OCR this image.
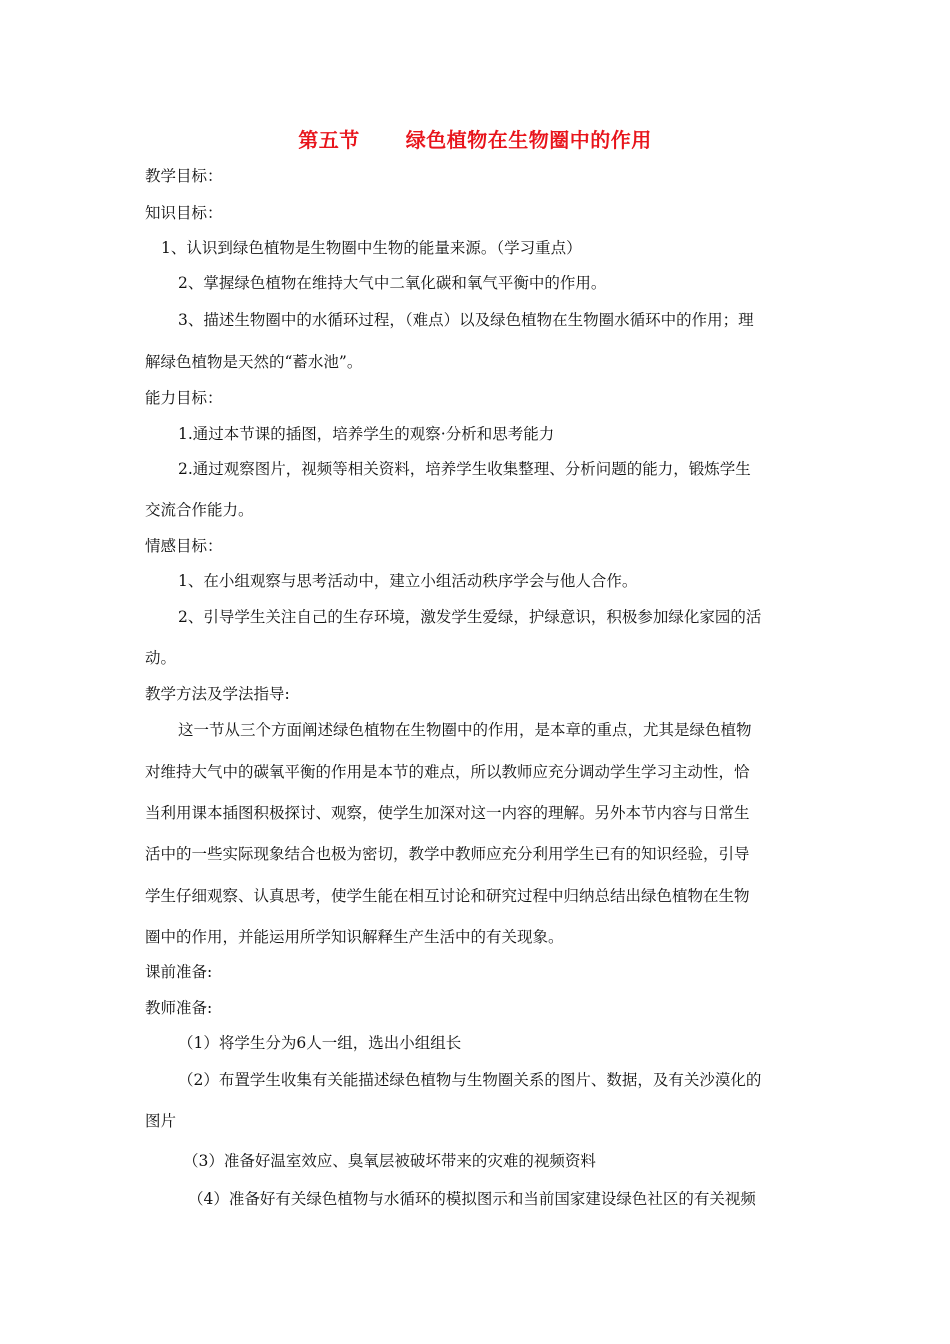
第五节 绿色植物在生物圈中的作用
教学目标：
知识目标：
1、认识到绿色植物是生物圈中生物的能量来源。（学习重点）
2、掌握绿色植物在维持大气中二氧化碳和氧气平衡中的作用。
3、描述生物圈中的水循环过程，（难点）以及绿色植物在生物圈水循环中的作用；理
解绿色植物是天然的“蓄水池”。
能力目标：
1.通过本节课的插图，培养学生的观察·分析和思考能力
2.通过观察图片，视频等相关资料，培养学生收集整理、分析问题的能力，锻炼学生
交流合作能力。
情感目标：
1、在小组观察与思考活动中，建立小组活动秩序学会与他人合作。
2、引导学生关注自己的生存环境，激发学生爱绿，护绿意识，积极参加绿化家园的活
动。
教学方法及学法指导:
这一节从三个方面阐述绿色植物在生物圈中的作用，是本章的重点，尤其是绿色植物
对维持大气中的碳氧平衡的作用是本节的难点，所以教师应充分调动学生学习主动性，恰
当利用课本插图积极探讨、观察，使学生加深对这一内容的理解。另外本节内容与日常生
活中的一些实际现象结合也极为密切，教学中教师应充分利用学生已有的知识经验，引导
学生仔细观察、认真思考，使学生能在相互讨论和研究过程中归纳总结出绿色植物在生物
圈中的作用，并能运用所学知识解释生产生活中的有关现象。
课前准备:
教师准备:
（1）将学生分为6人一组，选出小组组长
（2）布置学生收集有关能描述绿色植物与生物圈关系的图片、数据，及有关沙漠化的
图片
（3）准备好温室效应、臭氧层被破坏带来的灾难的视频资料
（4）准备好有关绿色植物与水循环的模拟图示和当前国家建设绿色社区的有关视频
